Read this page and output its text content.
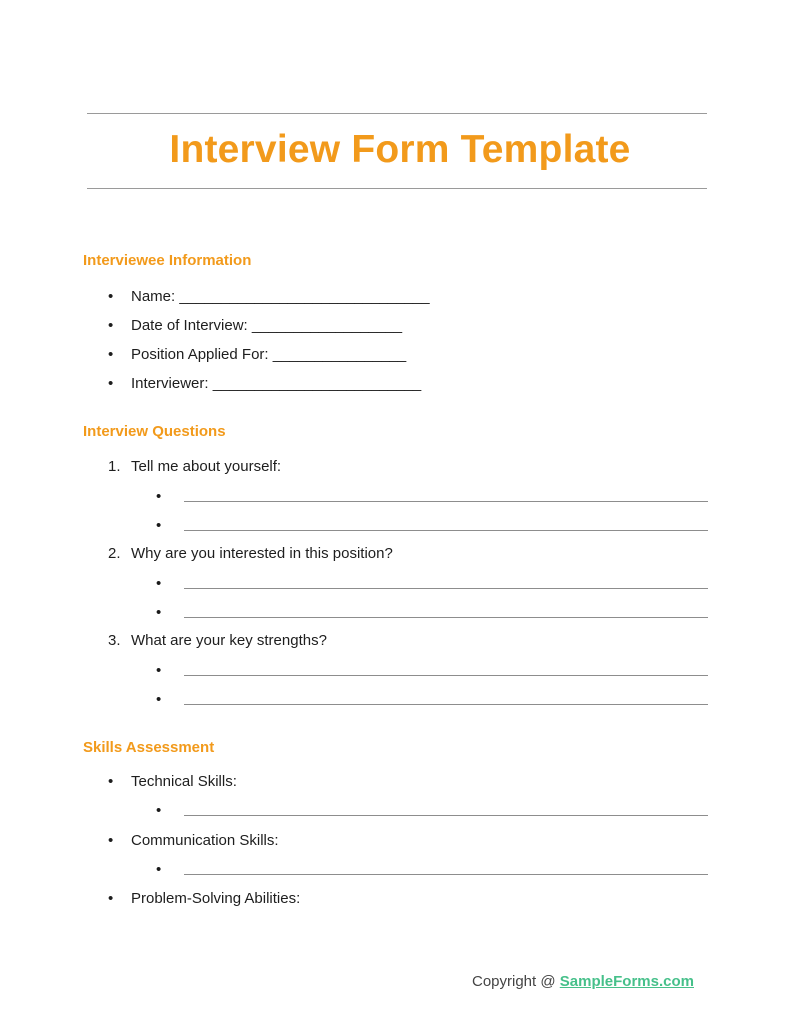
Interview Form Template
Interviewee Information
• Name: ______________________________
• Date of Interview: __________________
• Position Applied For: ________________
• Interviewer: _________________________
Interview Questions
1. Tell me about yourself:
•
•
2. Why are you interested in this position?
•
•
3. What are your key strengths?
•
•
Skills Assessment
• Technical Skills:
•
• Communication Skills:
•
• Problem-Solving Abilities:
Copyright @ SampleForms.com
